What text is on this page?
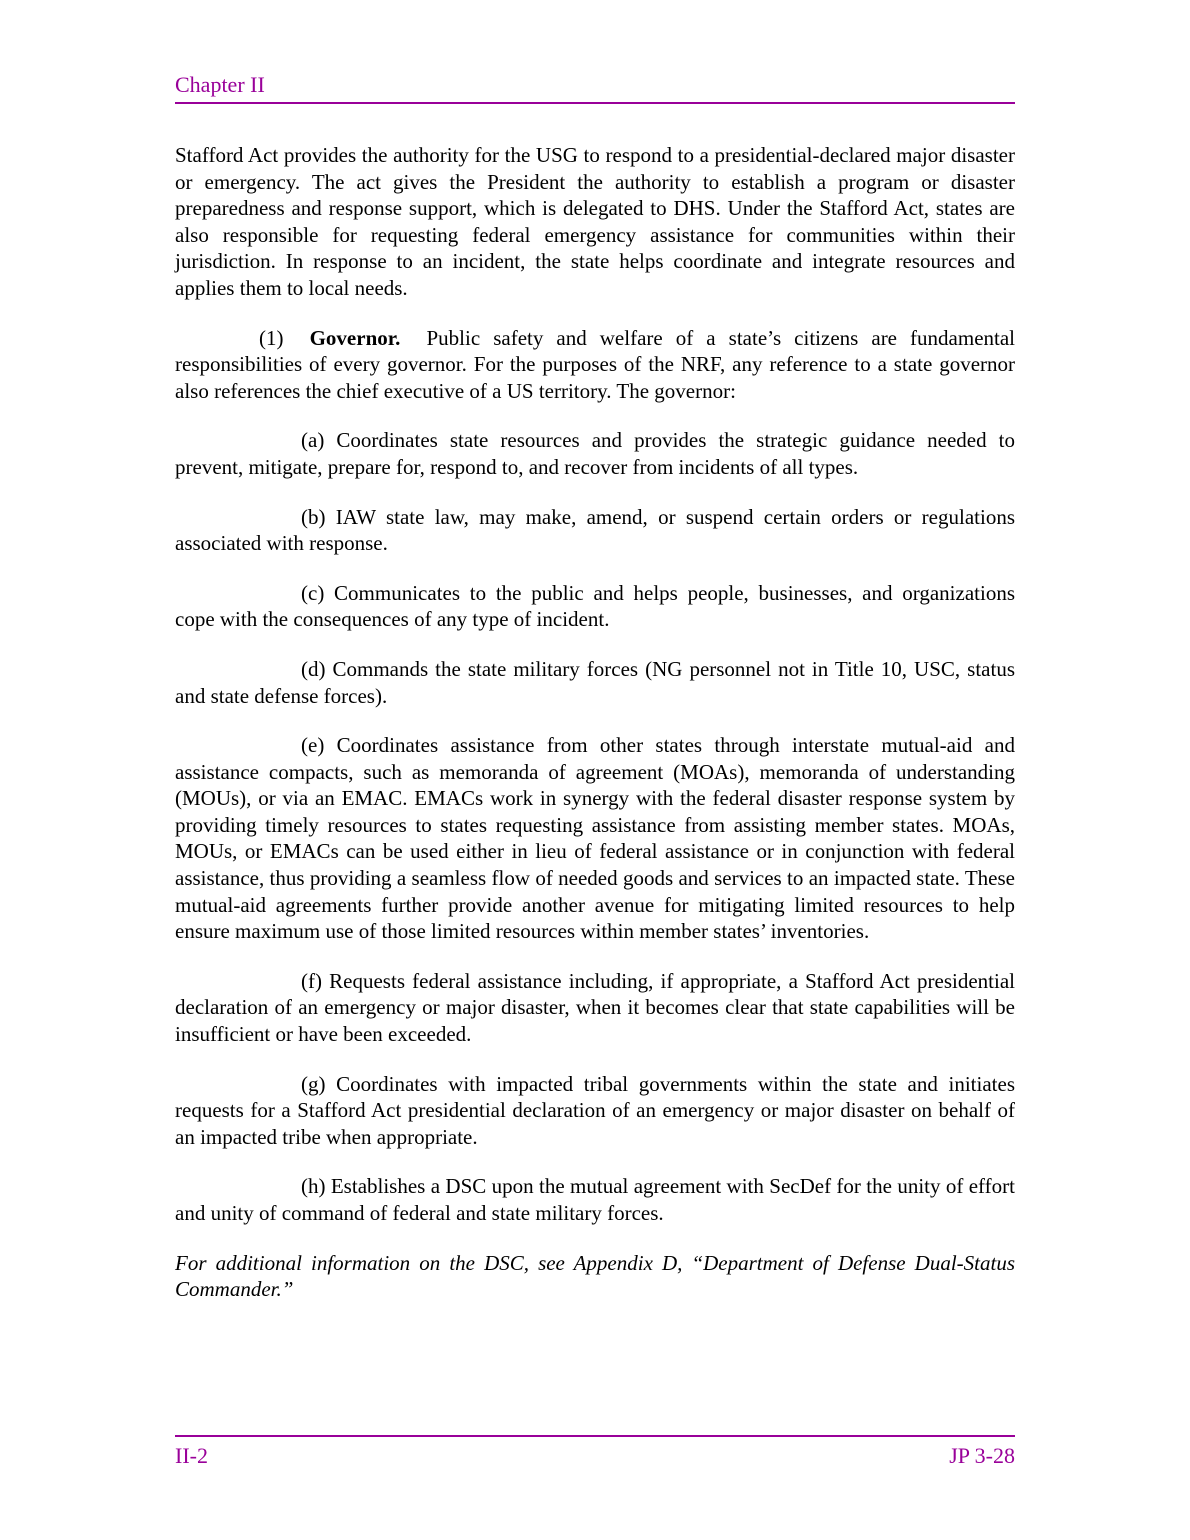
Chapter II

Stafford Act provides the authority for the USG to respond to a presidential-declared major disaster or emergency. The act gives the President the authority to establish a program or disaster preparedness and response support, which is delegated to DHS. Under the Stafford Act, states are also responsible for requesting federal emergency assistance for communities within their jurisdiction. In response to an incident, the state helps coordinate and integrate resources and applies them to local needs.

(1) Governor. Public safety and welfare of a state’s citizens are fundamental responsibilities of every governor. For the purposes of the NRF, any reference to a state governor also references the chief executive of a US territory. The governor:

(a) Coordinates state resources and provides the strategic guidance needed to prevent, mitigate, prepare for, respond to, and recover from incidents of all types.

(b) IAW state law, may make, amend, or suspend certain orders or regulations associated with response.

(c) Communicates to the public and helps people, businesses, and organizations cope with the consequences of any type of incident.

(d) Commands the state military forces (NG personnel not in Title 10, USC, status and state defense forces).

(e) Coordinates assistance from other states through interstate mutual-aid and assistance compacts, such as memoranda of agreement (MOAs), memoranda of understanding (MOUs), or via an EMAC. EMACs work in synergy with the federal disaster response system by providing timely resources to states requesting assistance from assisting member states. MOAs, MOUs, or EMACs can be used either in lieu of federal assistance or in conjunction with federal assistance, thus providing a seamless flow of needed goods and services to an impacted state. These mutual-aid agreements further provide another avenue for mitigating limited resources to help ensure maximum use of those limited resources within member states’ inventories.

(f) Requests federal assistance including, if appropriate, a Stafford Act presidential declaration of an emergency or major disaster, when it becomes clear that state capabilities will be insufficient or have been exceeded.

(g) Coordinates with impacted tribal governments within the state and initiates requests for a Stafford Act presidential declaration of an emergency or major disaster on behalf of an impacted tribe when appropriate.

(h) Establishes a DSC upon the mutual agreement with SecDef for the unity of effort and unity of command of federal and state military forces.

For additional information on the DSC, see Appendix D, “Department of Defense Dual-Status Commander.”

II-2	JP 3-28
